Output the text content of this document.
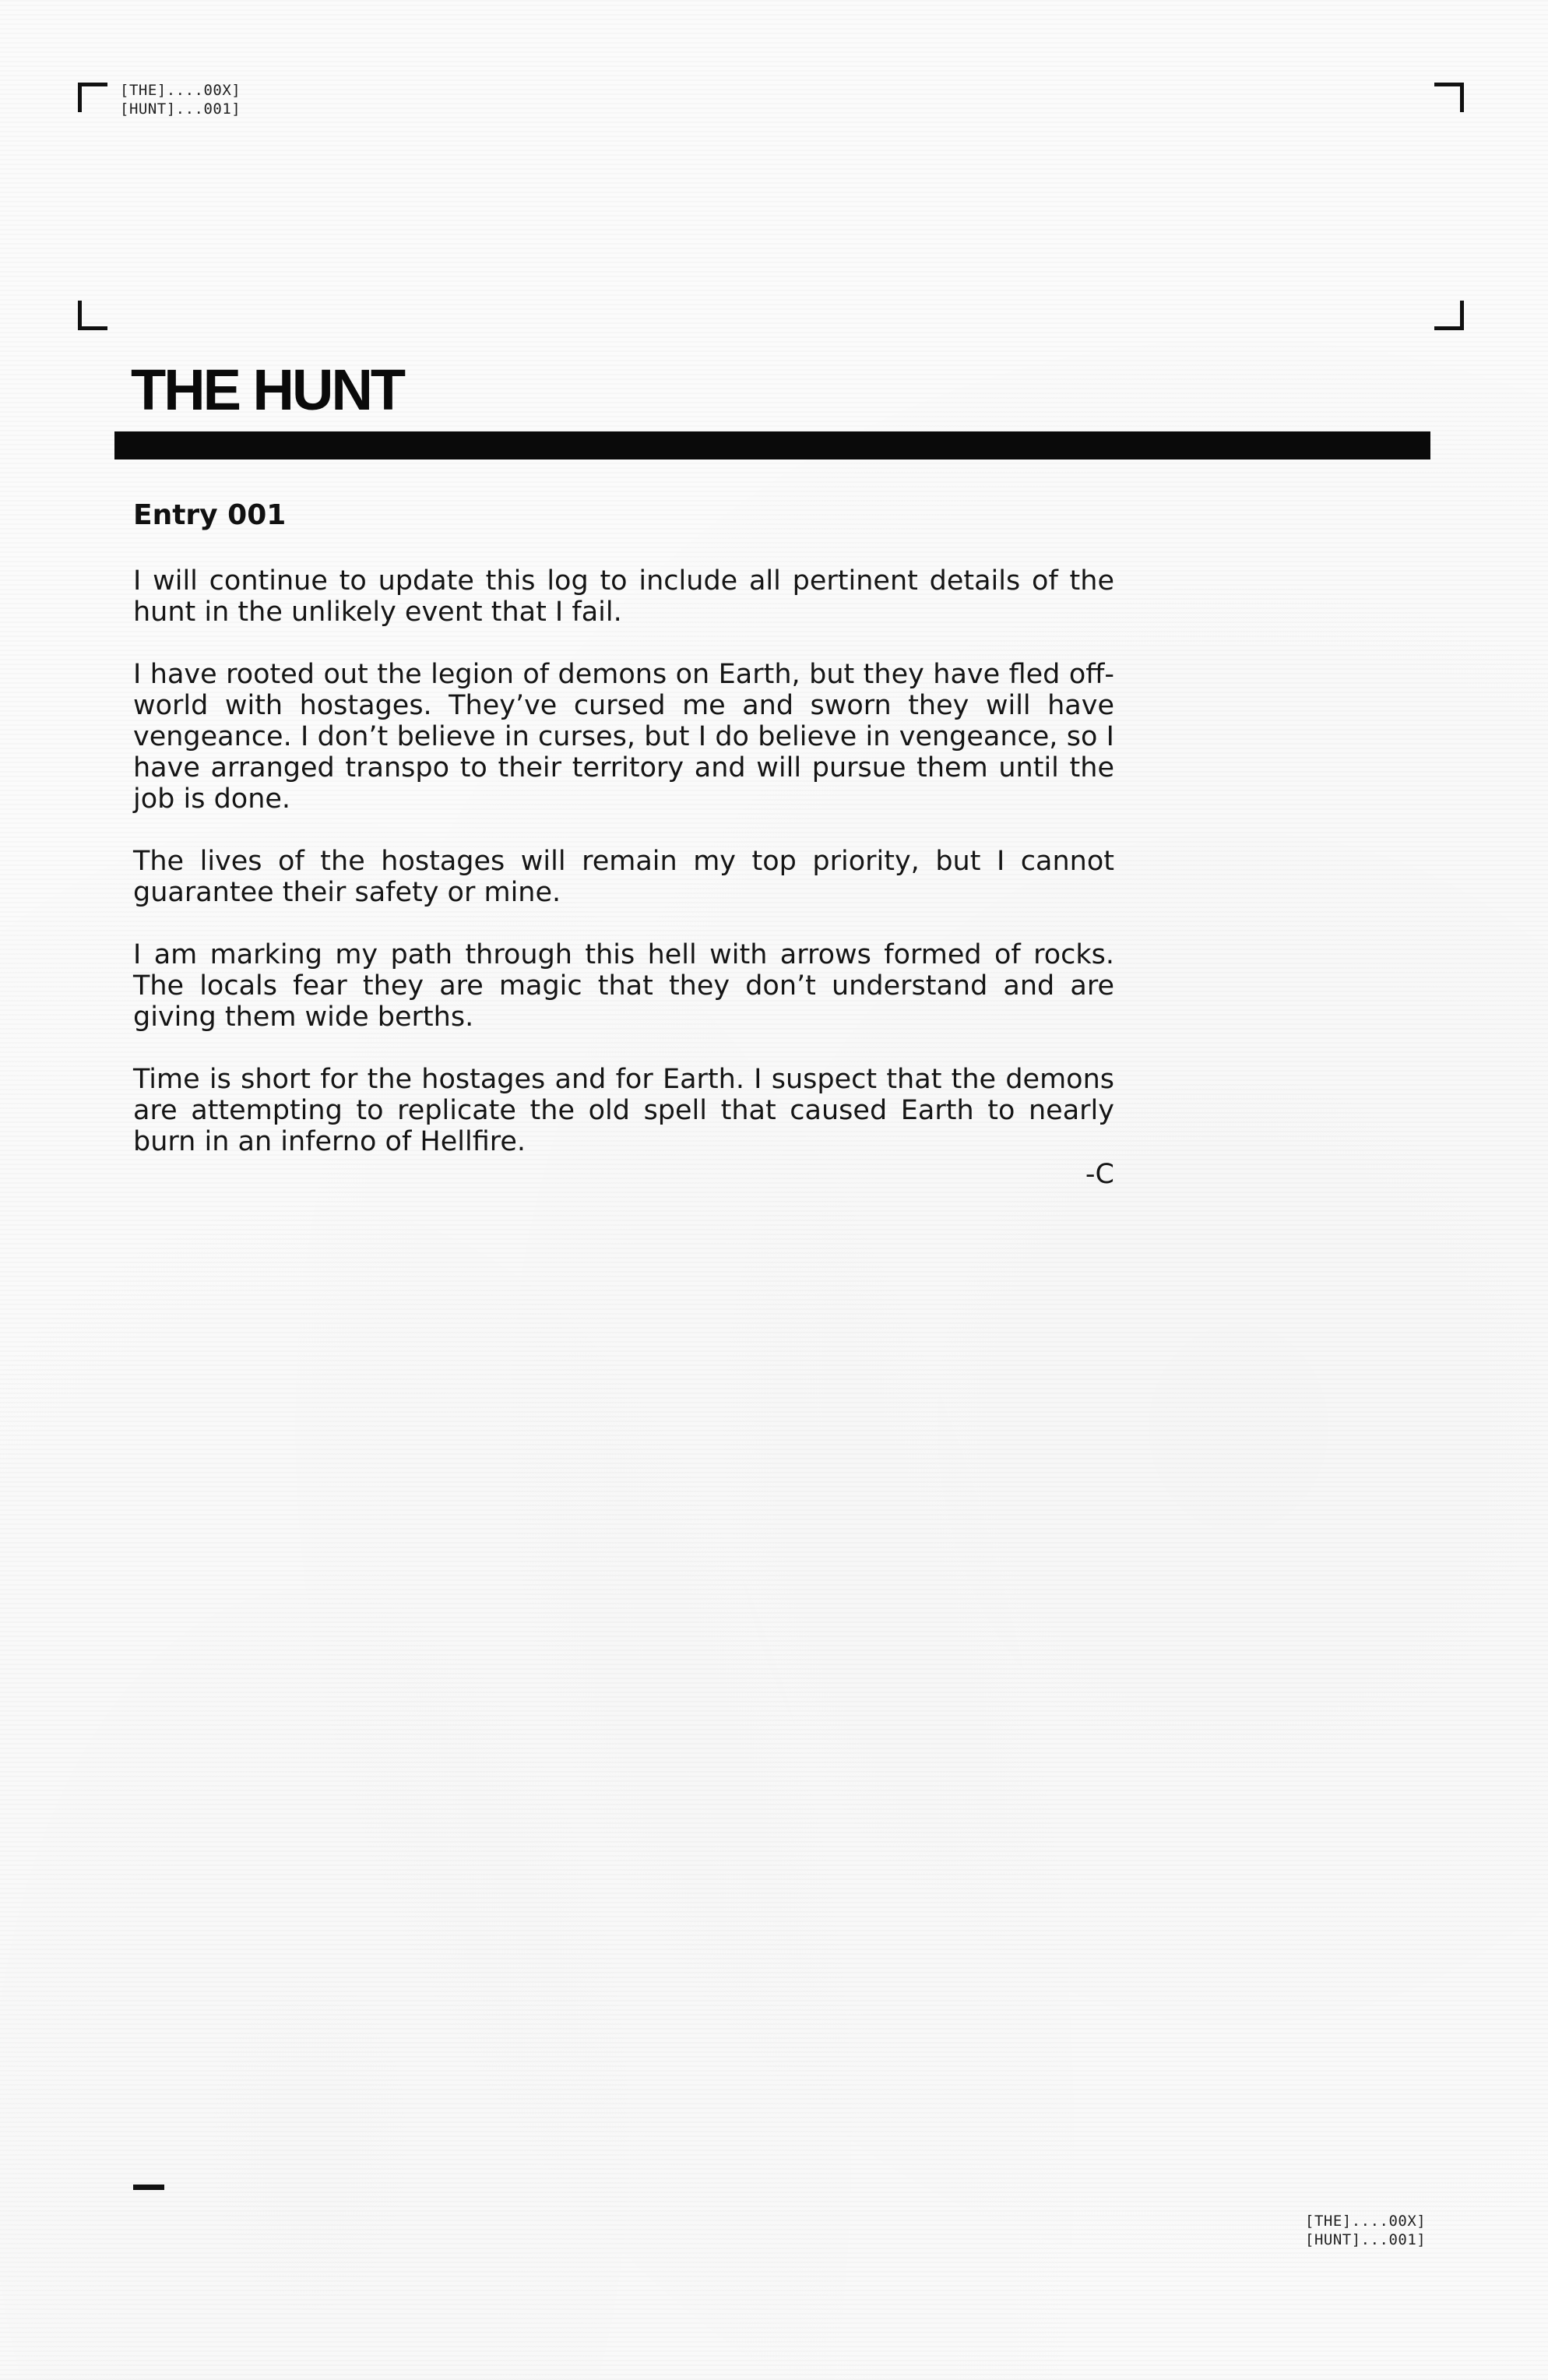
[THE]....00X]
[HUNT]...001]
THE HUNT

Entry 001

I will continue to update this log to include all pertinent details of the hunt in the unlikely event that I fail.

I have rooted out the legion of demons on Earth, but they have fled off-world with hostages. They’ve cursed me and sworn they will have vengeance. I don’t believe in curses, but I do believe in vengeance, so I have arranged transpo to their territory and will pursue them until the job is done.

The lives of the hostages will remain my top priority, but I cannot guarantee their safety or mine.

I am marking my path through this hell with arrows formed of rocks. The locals fear they are magic that they don’t understand and are giving them wide berths.

Time is short for the hostages and for Earth. I suspect that the demons are attempting to replicate the old spell that caused Earth to nearly burn in an inferno of Hellfire.

-C

[THE]....00X]
[HUNT]...001]
